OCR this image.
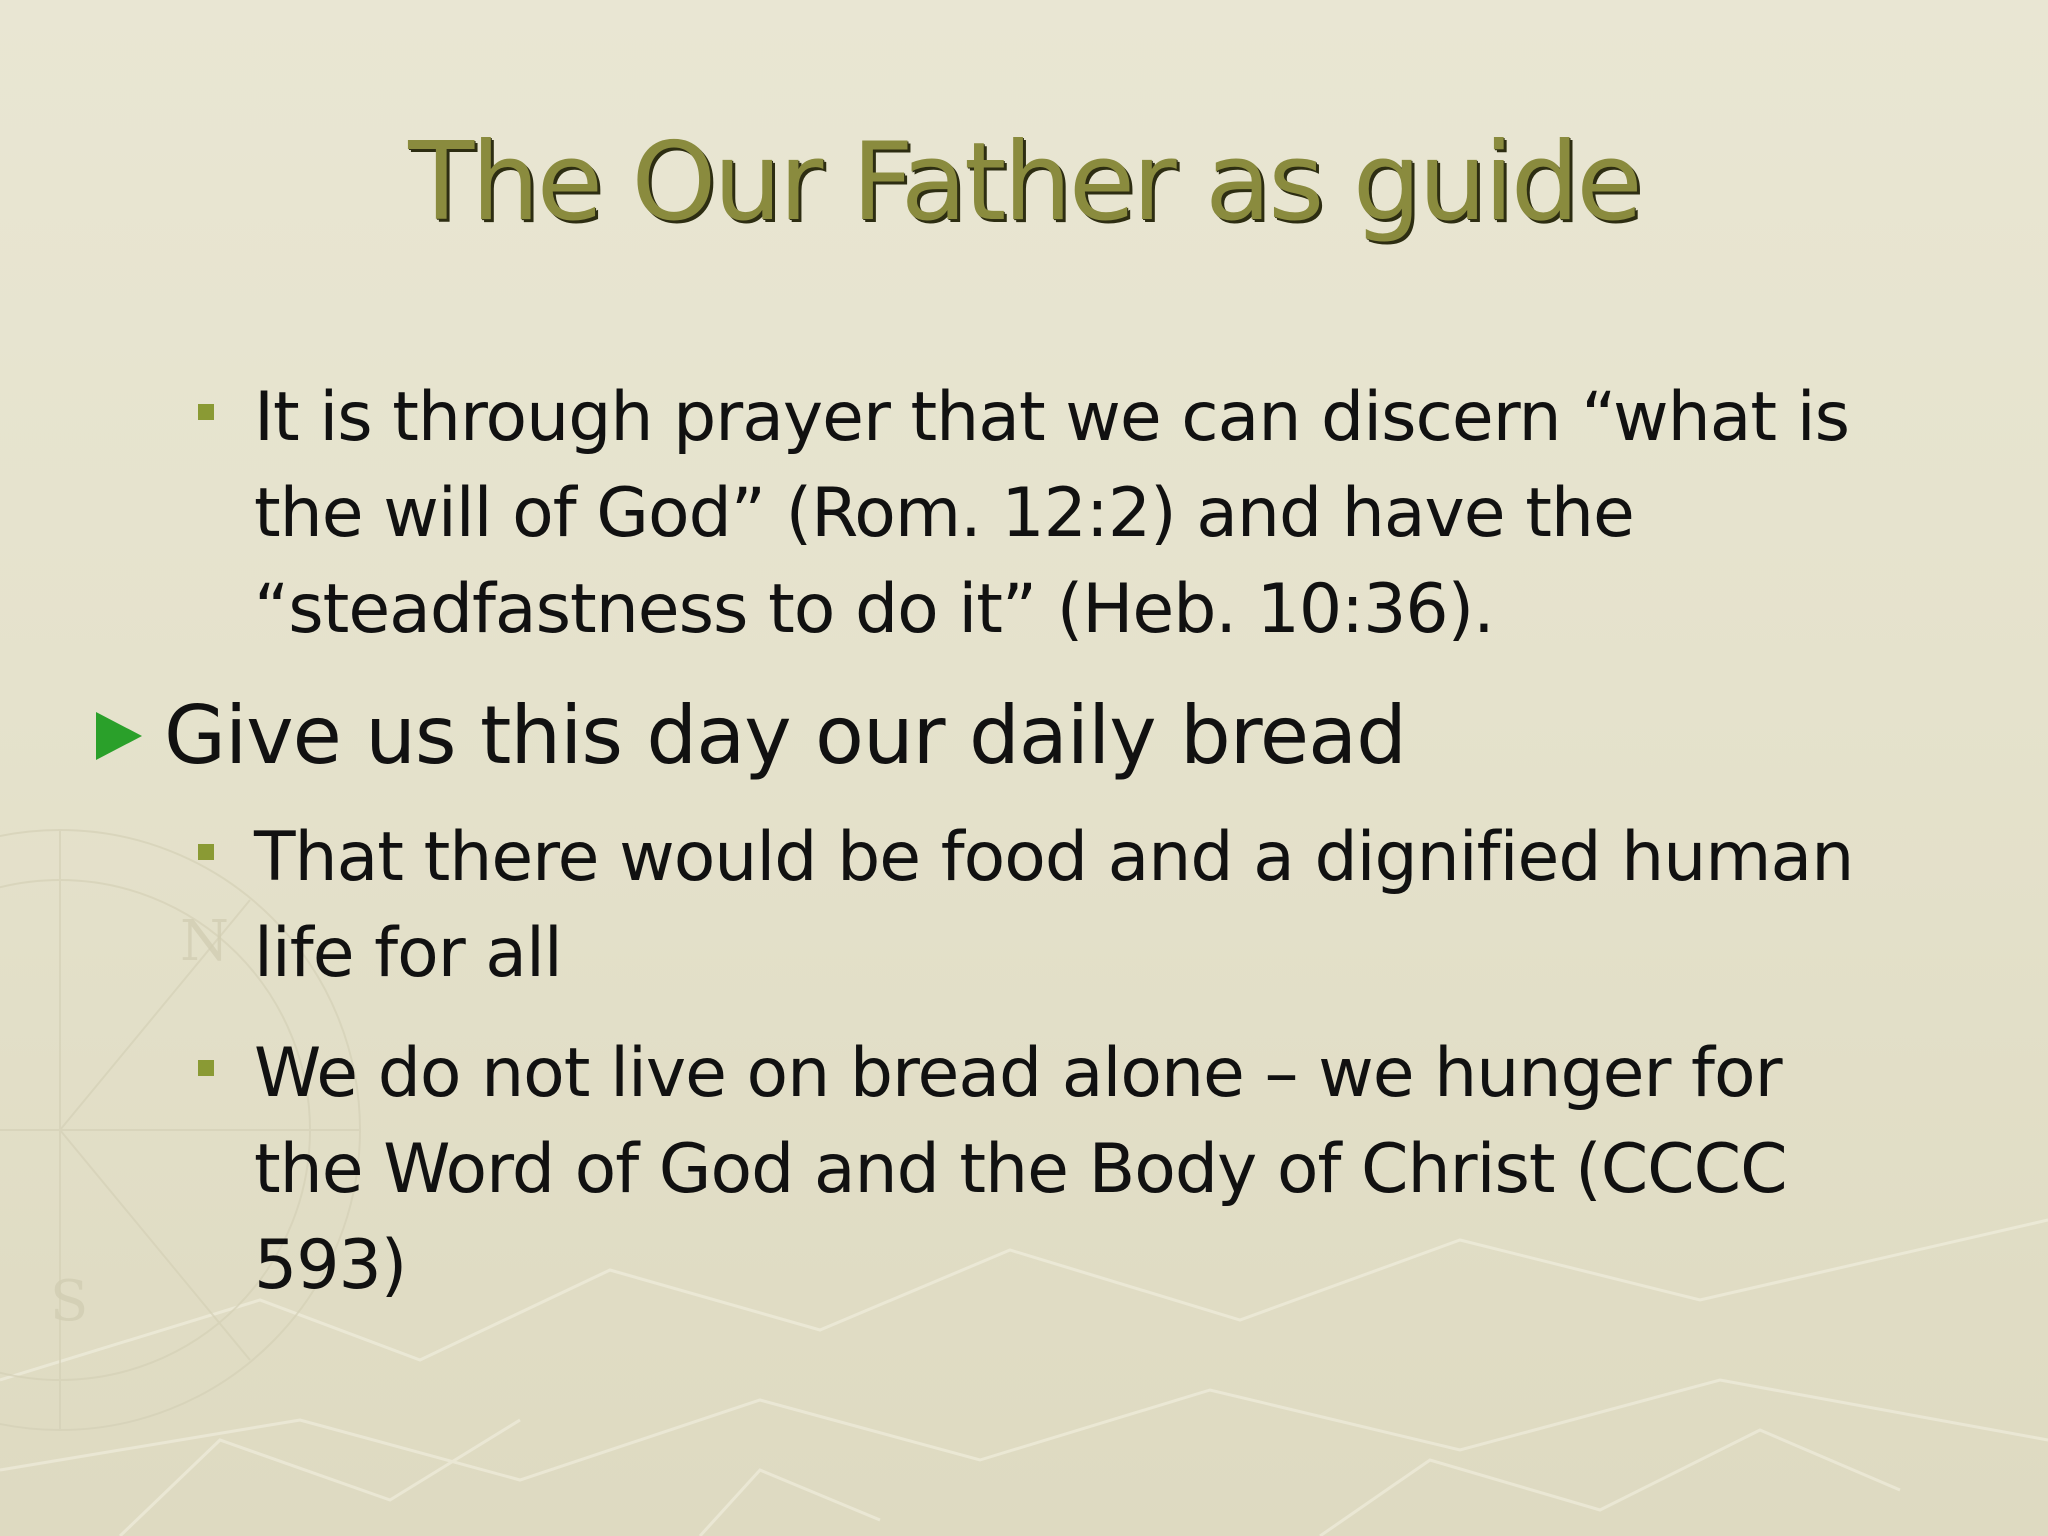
N
S
The Our Father as guide
It is through prayer that we can discern “what is
the will of God” (Rom. 12:2) and have the
“steadfastness to do it” (Heb. 10:36).
Give us this day our daily bread
That there would be food and a dignified human
life for all
We do not live on bread alone – we hunger for
the Word of God and the Body of Christ (CCCC
593)
